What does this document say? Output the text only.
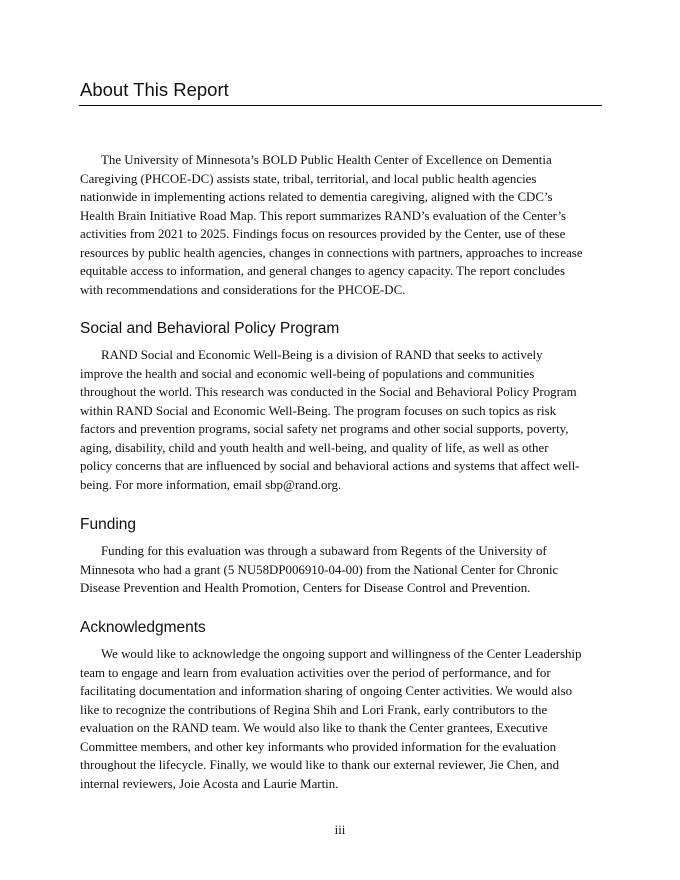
About This Report

The University of Minnesota’s BOLD Public Health Center of Excellence on Dementia
Caregiving (PHCOE-DC) assists state, tribal, territorial, and local public health agencies
nationwide in implementing actions related to dementia caregiving, aligned with the CDC’s
Health Brain Initiative Road Map. This report summarizes RAND’s evaluation of the Center’s
activities from 2021 to 2025. Findings focus on resources provided by the Center, use of these
resources by public health agencies, changes in connections with partners, approaches to increase
equitable access to information, and general changes to agency capacity. The report concludes
with recommendations and considerations for the PHCOE-DC.

Social and Behavioral Policy Program

RAND Social and Economic Well-Being is a division of RAND that seeks to actively
improve the health and social and economic well-being of populations and communities
throughout the world. This research was conducted in the Social and Behavioral Policy Program
within RAND Social and Economic Well-Being. The program focuses on such topics as risk
factors and prevention programs, social safety net programs and other social supports, poverty,
aging, disability, child and youth health and well-being, and quality of life, as well as other
policy concerns that are influenced by social and behavioral actions and systems that affect well-
being. For more information, email sbp@rand.org.

Funding

Funding for this evaluation was through a subaward from Regents of the University of
Minnesota who had a grant (5 NU58DP006910-04-00) from the National Center for Chronic
Disease Prevention and Health Promotion, Centers for Disease Control and Prevention.

Acknowledgments

We would like to acknowledge the ongoing support and willingness of the Center Leadership
team to engage and learn from evaluation activities over the period of performance, and for
facilitating documentation and information sharing of ongoing Center activities. We would also
like to recognize the contributions of Regina Shih and Lori Frank, early contributors to the
evaluation on the RAND team. We would also like to thank the Center grantees, Executive
Committee members, and other key informants who provided information for the evaluation
throughout the lifecycle. Finally, we would like to thank our external reviewer, Jie Chen, and
internal reviewers, Joie Acosta and Laurie Martin.

iii
